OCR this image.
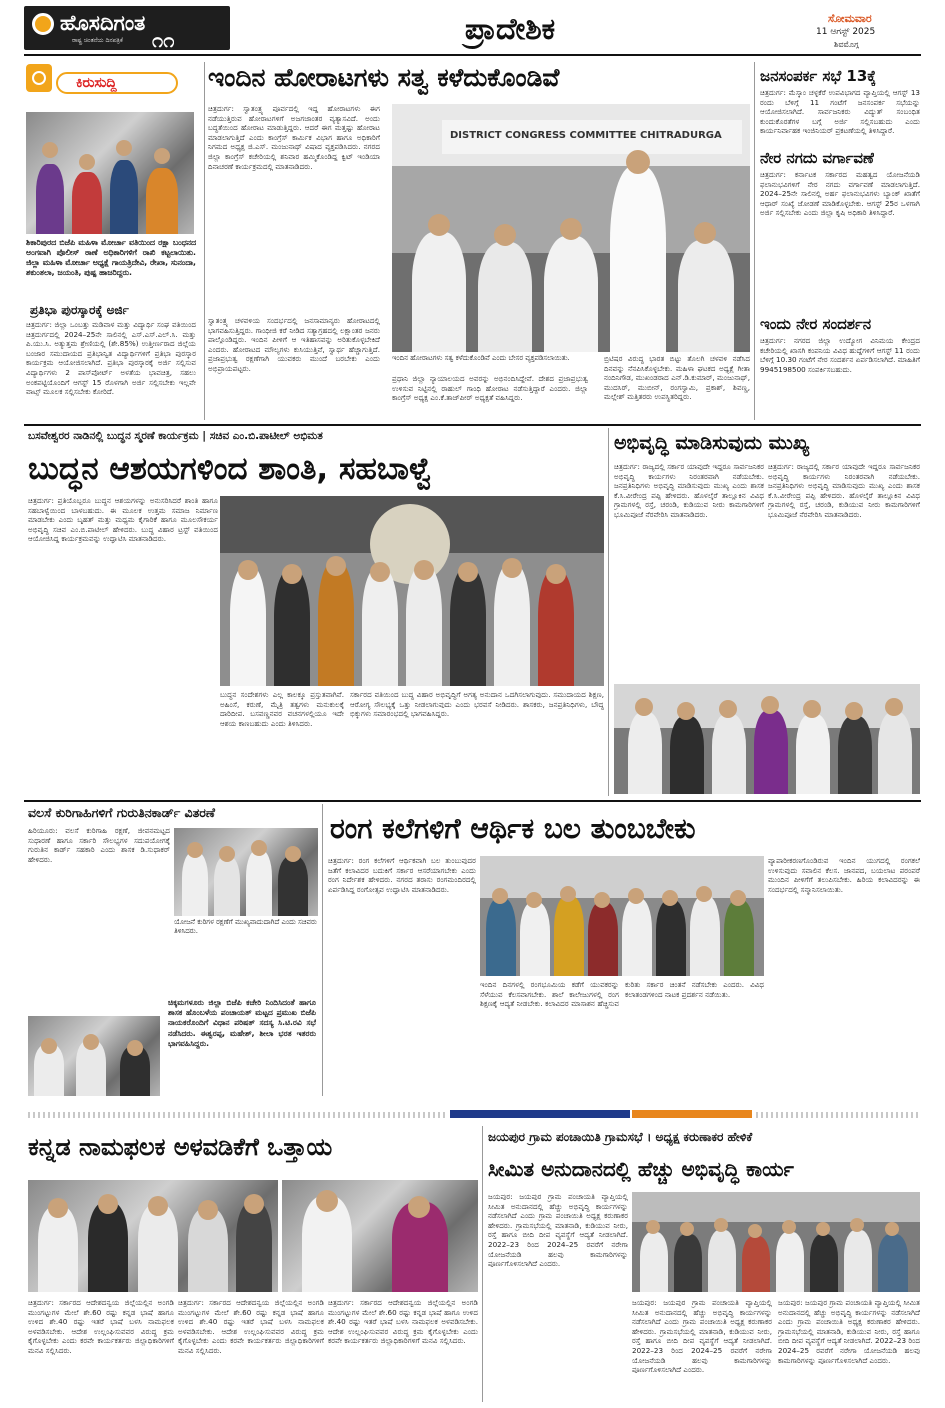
ಹೊಸದಿಗಂತ
ರಾಷ್ಟ್ರ ಚಿಂತನೆಯ ದಿನಪತ್ರಿಕೆ ೧೧	ಪ್ರಾದೇಶಿಕ	ಸೋಮವಾರ
11 ಆಗಸ್ಟ್ 2025
ಶಿವಮೊಗ್ಗ
ಕಿರುಸುದ್ದಿ
ಶಿಕಾರಿಪುರದ ಬಿಜೆಪಿ ಮಹಿಳಾ ಮೋರ್ಚಾ ವತಿಯಿಂದ ರಕ್ಷಾ ಬಂಧನದ ಅಂಗವಾಗಿ ಪೊಲೀಸ್ ಠಾಣೆ ಅಧಿಕಾರಿಗಳಿಗೆ ರಾಖಿ ಕಟ್ಟಲಾಯಿತು. ಜಿಲ್ಲಾ ಮಹಿಳಾ ಮೋರ್ಚಾ ಅಧ್ಯಕ್ಷೆ ಗಾಯತ್ರಿದೇವಿ, ರೇಖಾ, ಸುನಂದಾ, ಶಕುಂತಲಾ, ಜಯಂತಿ, ಪುಷ್ಪ ಹಾಜರಿದ್ದರು.
ಪ್ರತಿಭಾ ಪುರಸ್ಕಾರಕ್ಕೆ ಅರ್ಜಿ
ಚಿತ್ರದುರ್ಗ: ಜಿಲ್ಲಾ ಒಂಬತ್ತು ಮಡಿವಾಳ ಮತ್ತು ವಿದ್ಯಾರ್ಥಿ ಸಂಘ ವತಿಯಿಂದ ಚಿತ್ರದುರ್ಗದಲ್ಲಿ 2024–25ನೇ ಸಾಲಿನಲ್ಲಿ ಎಸ್.ಎಸ್.ಎಲ್.ಸಿ. ಮತ್ತು ಪಿ.ಯು.ಸಿ. ಅತ್ಯುತ್ತಮ ಶ್ರೇಣಿಯಲ್ಲಿ (ಶೇ.85%) ಉತ್ತೀರ್ಣರಾದ ಜಿಲ್ಲೆಯ ಬಂಜಾರ ಸಮುದಾಯದ ಪ್ರತಿಭಾನ್ವಿತ ವಿದ್ಯಾರ್ಥಿಗಳಿಗೆ ಪ್ರತಿಭಾ ಪುರಸ್ಕಾರ ಕಾರ್ಯಕ್ರಮ ಆಯೋಜಿಸಲಾಗಿದೆ. ಪ್ರತಿಭಾ ಪುರಸ್ಕಾರಕ್ಕೆ ಅರ್ಜಿ ಸಲ್ಲಿಸುವ ವಿದ್ಯಾರ್ಥಿಗಳು 2 ಪಾಸ್‌ಪೋರ್ಟ್ ಅಳತೆಯ ಭಾವಚಿತ್ರ, ಸಹಲು ಅಂಕಪಟ್ಟಿಯೊಂದಿಗೆ ಆಗಸ್ಟ್ 15 ರೊಳಗಾಗಿ ಅರ್ಜಿ ಸಲ್ಲಿಸಬೇಕು ಇಲ್ಲವೇ ವಾಟ್ಸ್ ಮೂಲಕ ಸಲ್ಲಿಸಬೇಕು ಕೋರಿದೆ.
ಇಂದಿನ ಹೋರಾಟಗಳು ಸತ್ವ ಕಳೆದುಕೊಂಡಿವೆ
ಚಿತ್ರದುರ್ಗ: ಸ್ವಾತಂತ್ರ್ಯ ಪೂರ್ವದಲ್ಲಿ ಇದ್ದ ಹೋರಾಟಗಳು ಈಗ ನಡೆಯುತ್ತಿರುವ ಹೋರಾಟಗಳಿಗೆ ಅಜಗಜಾಂತರ ವ್ಯತ್ಯಾಸವಿದೆ. ಅಂದು ಬದ್ಧತೆಯಿಂದ ಹೋರಾಟ ಮಾಡುತ್ತಿದ್ದರು. ಆದರೆ ಈಗ ಮತ್ತಷ್ಟು ಹೋರಾಟ ಮಾಡಲಾಗುತ್ತಿದೆ ಎಂದು ಕಾಂಗ್ರೆಸ್ ಕಾರ್ಮಿಕ ವಿಭಾಗ ಹಾಗೂ ಅಧಿಕಾರಿಗೆ ನಿಗಮದ ಅಧ್ಯಕ್ಷ ಜಿ.ಎಸ್. ಮಂಜುನಾಥ್ ವಿಷಾದ ವ್ಯಕ್ತಪಡಿಸಿದರು. ನಗರದ ಜಿಲ್ಲಾ ಕಾಂಗ್ರೆಸ್ ಕಚೇರಿಯಲ್ಲಿ ಶನಿವಾರ ಹಮ್ಮಿಕೊಂಡಿದ್ದ ಕ್ವಿಟ್ ಇಂಡಿಯಾ ದಿನಾಚರಣೆ ಕಾರ್ಯಕ್ರಮದಲ್ಲಿ ಮಾತನಾಡಿದರು.
ಸ್ವಾತಂತ್ರ್ಯ ಚಳವಳಿಯ ಸಂದರ್ಭದಲ್ಲಿ ಜನಸಾಮಾನ್ಯರು ಹೋರಾಟದಲ್ಲಿ ಭಾಗವಹಿಸುತ್ತಿದ್ದರು. ಗಾಂಧೀಜಿ ಕರೆ ನೀಡಿದ ಸತ್ಯಾಗ್ರಹದಲ್ಲಿ ಲಕ್ಷಾಂತರ ಜನರು ಪಾಲ್ಗೊಂಡಿದ್ದರು. ಇಂದಿನ ಪೀಳಿಗೆ ಆ ಇತಿಹಾಸವನ್ನು ಅರಿತುಕೊಳ್ಳಬೇಕಿದೆ ಎಂದರು. ಹೋರಾಟದ ಮೌಲ್ಯಗಳು ಕುಸಿಯುತ್ತಿವೆ, ಸ್ವಾರ್ಥ ಹೆಚ್ಚಾಗುತ್ತಿದೆ. ಪ್ರಜಾಪ್ರಭುತ್ವ ರಕ್ಷಣೆಗಾಗಿ ಯುವಕರು ಮುಂದೆ ಬರಬೇಕು ಎಂದು ಅಭಿಪ್ರಾಯಪಟ್ಟರು.
DISTRICT CONGRESS COMMITTEE CHITRADURGA
ಇಂದಿನ ಹೋರಾಟಗಳು ಸತ್ವ ಕಳೆದುಕೊಂಡಿವೆ ಎಂದು ಬೇಸರ ವ್ಯಕ್ತಪಡಿಸಲಾಯಿತು.
ಪ್ರಧಾನಿ ಜಿಲ್ಲಾ ನ್ಯಾಯಾಲಯದ ಅವರನ್ನು ಅಭಿನಂದಿಸಿದ್ದೇವೆ. ದೇಶದ ಪ್ರಜಾಪ್ರಭುತ್ವ ಉಳಿಸುವ ನಿಟ್ಟಿನಲ್ಲಿ ರಾಹುಲ್ ಗಾಂಧಿ ಹೋರಾಟ ನಡೆಸುತ್ತಿದ್ದಾರೆ ಎಂದರು. ಜಿಲ್ಲಾ ಕಾಂಗ್ರೆಸ್ ಅಧ್ಯಕ್ಷ ಎಂ.ಕೆ.ತಾಜ್‌ಪೀರ್ ಅಧ್ಯಕ್ಷತೆ ವಹಿಸಿದ್ದರು.
ಬ್ರಿಟಿಷರ ವಿರುದ್ಧ ಭಾರತ ಬಿಟ್ಟು ತೊಲಗಿ ಚಳವಳಿ ನಡೆಸಿದ ದಿನವನ್ನು ನೆನಪಿಸಿಕೊಳ್ಳಬೇಕು. ಮಹಿಳಾ ಘಟಕದ ಅಧ್ಯಕ್ಷೆ ಗೀತಾ ನಂದಿನಿಗೌಡ, ಮುಖಂಡರಾದ ಎನ್.ಡಿ.ಕುಮಾರ್, ಮಂಜುನಾಥ್, ಮುದಸಿರ್, ಮುಬೀನ್, ರಂಗಸ್ವಾಮಿ, ಪ್ರಕಾಶ್, ಶಿವಣ್ಣ, ಮಲ್ಲೇಶ್ ಮತ್ತಿತರರು ಉಪಸ್ಥಿತರಿದ್ದರು.
ಜನಸಂಪರ್ಕ ಸಭೆ 13ಕ್ಕೆ
ಚಿತ್ರದುರ್ಗ: ಮೆಸ್ಕಾಂ ಚಳ್ಳಕೆರೆ ಉಪವಿಭಾಗದ ವ್ಯಾಪ್ತಿಯಲ್ಲಿ ಆಗಸ್ಟ್ 13 ರಂದು ಬೆಳಿಗ್ಗೆ 11 ಗಂಟೆಗೆ ಜನಸಂಪರ್ಕ ಸಭೆಯನ್ನು ಆಯೋಜಿಸಲಾಗಿದೆ. ಸಾರ್ವಜನಿಕರು ವಿದ್ಯುತ್ ಸಂಬಂಧಿತ ಕುಂದುಕೊರತೆಗಳ ಬಗ್ಗೆ ಅರ್ಜಿ ಸಲ್ಲಿಸಬಹುದು ಎಂದು ಕಾರ್ಯನಿರ್ವಾಹಕ ಇಂಜಿನಿಯರ್ ಪ್ರಕಟಣೆಯಲ್ಲಿ ತಿಳಿಸಿದ್ದಾರೆ.
ನೇರ ನಗದು ವರ್ಗಾವಣೆ
ಚಿತ್ರದುರ್ಗ: ಕರ್ನಾಟಕ ಸರ್ಕಾರದ ಮಹತ್ವದ ಯೋಜನೆಯಡಿ ಫಲಾನುಭವಿಗಳಿಗೆ ನೇರ ನಗದು ವರ್ಗಾವಣೆ ಮಾಡಲಾಗುತ್ತಿದೆ. 2024–25ನೇ ಸಾಲಿನಲ್ಲಿ ಅರ್ಹ ಫಲಾನುಭವಿಗಳು ಬ್ಯಾಂಕ್ ಖಾತೆಗೆ ಆಧಾರ್ ಸಂಖ್ಯೆ ಜೋಡಣೆ ಮಾಡಿಕೊಳ್ಳಬೇಕು. ಆಗಸ್ಟ್ 25ರ ಒಳಗಾಗಿ ಅರ್ಜಿ ಸಲ್ಲಿಸಬೇಕು ಎಂದು ಜಿಲ್ಲಾ ಕೃಷಿ ಅಧಿಕಾರಿ ತಿಳಿಸಿದ್ದಾರೆ.
ಇಂದು ನೇರ ಸಂದರ್ಶನ
ಚಿತ್ರದುರ್ಗ: ನಗರದ ಜಿಲ್ಲಾ ಉದ್ಯೋಗ ವಿನಿಮಯ ಕೇಂದ್ರದ ಕಚೇರಿಯಲ್ಲಿ ಖಾಸಗಿ ಕಂಪನಿಯ ವಿವಿಧ ಹುದ್ದೆಗಳಿಗೆ ಆಗಸ್ಟ್ 11 ರಂದು ಬೆಳಿಗ್ಗೆ 10.30 ಗಂಟೆಗೆ ನೇರ ಸಂದರ್ಶನ ಏರ್ಪಡಿಸಲಾಗಿದೆ. ಮಾಹಿತಿಗೆ 9945198500 ಸಂಪರ್ಕಿಸಬಹುದು.
ಬಸವೇಶ್ವರರ ನಾಡಿನಲ್ಲಿ ಬುದ್ಧನ ಸ್ಮರಣೆ ಕಾರ್ಯಕ್ರಮ | ಸಚಿವ ಎಂ.ಬಿ.ಪಾಟೀಲ್ ಅಭಿಮತ
ಬುದ್ಧನ ಆಶಯಗಳಿಂದ ಶಾಂತಿ, ಸಹಬಾಳ್ವೆ
ಚಿತ್ರದುರ್ಗ: ಪ್ರತಿಯೊಬ್ಬರೂ ಬುದ್ಧನ ಆಶಯಗಳನ್ನು ಅನುಸರಿಸಿದರೆ ಶಾಂತಿ ಹಾಗೂ ಸಹಬಾಳ್ವೆಯಿಂದ ಬಾಳಬಹುದು. ಈ ಮೂಲಕ ಉತ್ತಮ ಸಮಾಜ ನಿರ್ಮಾಣ ಮಾಡಬೇಕು ಎಂದು ಬೃಹತ್ ಮತ್ತು ಮಧ್ಯಮ ಕೈಗಾರಿಕೆ ಹಾಗೂ ಮೂಲಸೌಕರ್ಯ ಅಭಿವೃದ್ಧಿ ಸಚಿವ ಎಂ.ಬಿ.ಪಾಟೀಲ್ ಹೇಳಿದರು. ಬುದ್ಧ ವಿಹಾರ ಟ್ರಸ್ಟ್ ವತಿಯಿಂದ ಆಯೋಜಿಸಿದ್ದ ಕಾರ್ಯಕ್ರಮವನ್ನು ಉದ್ಘಾಟಿಸಿ ಮಾತನಾಡಿದರು.
ಬುದ್ಧನ ಸಂದೇಶಗಳು ಎಲ್ಲ ಕಾಲಕ್ಕೂ ಪ್ರಸ್ತುತವಾಗಿವೆ. ಅಹಿಂಸೆ, ಕರುಣೆ, ಮೈತ್ರಿ ತತ್ವಗಳು ಮನುಕುಲಕ್ಕೆ ದಾರಿದೀಪ. ಬಸವಣ್ಣನವರ ವಚನಗಳಲ್ಲಿಯೂ ಇದೇ ಆಶಯ ಕಾಣಬಹುದು ಎಂದು ತಿಳಿಸಿದರು.
ಸರ್ಕಾರದ ವತಿಯಿಂದ ಬುದ್ಧ ವಿಹಾರ ಅಭಿವೃದ್ಧಿಗೆ ಅಗತ್ಯ ಅನುದಾನ ಒದಗಿಸಲಾಗುವುದು. ಸಮುದಾಯದ ಶಿಕ್ಷಣ, ಆರೋಗ್ಯ ಸೌಲಭ್ಯಕ್ಕೆ ಒತ್ತು ನೀಡಲಾಗುವುದು ಎಂದು ಭರವಸೆ ನೀಡಿದರು. ಶಾಸಕರು, ಜನಪ್ರತಿನಿಧಿಗಳು, ಬೌದ್ಧ ಭಿಕ್ಕುಗಳು ಸಮಾರಂಭದಲ್ಲಿ ಭಾಗವಹಿಸಿದ್ದರು.
ಅಭಿವೃದ್ಧಿ ಮಾಡಿಸುವುದು ಮುಖ್ಯ
ಚಿತ್ರದುರ್ಗ: ರಾಜ್ಯದಲ್ಲಿ ಸರ್ಕಾರ ಯಾವುದೇ ಇದ್ದರೂ ಸಾರ್ವಜನಿಕರ ಅಭಿವೃದ್ಧಿ ಕಾರ್ಯಗಳು ನಿರಂತರವಾಗಿ ನಡೆಯಬೇಕು. ಜನಪ್ರತಿನಿಧಿಗಳು ಅಭಿವೃದ್ಧಿ ಮಾಡಿಸುವುದು ಮುಖ್ಯ ಎಂದು ಶಾಸಕ ಕೆ.ಸಿ.ವೀರೇಂದ್ರ ಪಪ್ಪಿ ಹೇಳಿದರು. ಹೊಳಲ್ಕೆರೆ ತಾಲ್ಲೂಕಿನ ವಿವಿಧ ಗ್ರಾಮಗಳಲ್ಲಿ ರಸ್ತೆ, ಚರಂಡಿ, ಕುಡಿಯುವ ನೀರು ಕಾಮಗಾರಿಗಳಿಗೆ ಭೂಮಿಪೂಜೆ ನೆರವೇರಿಸಿ ಮಾತನಾಡಿದರು.
ಚಿತ್ರದುರ್ಗ: ರಾಜ್ಯದಲ್ಲಿ ಸರ್ಕಾರ ಯಾವುದೇ ಇದ್ದರೂ ಸಾರ್ವಜನಿಕರ ಅಭಿವೃದ್ಧಿ ಕಾರ್ಯಗಳು ನಿರಂತರವಾಗಿ ನಡೆಯಬೇಕು. ಜನಪ್ರತಿನಿಧಿಗಳು ಅಭಿವೃದ್ಧಿ ಮಾಡಿಸುವುದು ಮುಖ್ಯ ಎಂದು ಶಾಸಕ ಕೆ.ಸಿ.ವೀರೇಂದ್ರ ಪಪ್ಪಿ ಹೇಳಿದರು. ಹೊಳಲ್ಕೆರೆ ತಾಲ್ಲೂಕಿನ ವಿವಿಧ ಗ್ರಾಮಗಳಲ್ಲಿ ರಸ್ತೆ, ಚರಂಡಿ, ಕುಡಿಯುವ ನೀರು ಕಾಮಗಾರಿಗಳಿಗೆ ಭೂಮಿಪೂಜೆ ನೆರವೇರಿಸಿ ಮಾತನಾಡಿದರು.
ವಲಸೆ ಕುರಿಗಾಹಿಗಳಿಗೆ ಗುರುತಿನಕಾರ್ಡ್ ವಿತರಣೆ
ಹಿರಿಯೂರು: ವಲಸೆ ಕುರಿಗಾಹಿ ರಕ್ಷಣೆ, ಜೀವನಮಟ್ಟದ ಸುಧಾರಣೆ ಹಾಗೂ ಸರ್ಕಾರಿ ಸೌಲಭ್ಯಗಳ ಸದುಪಯೋಗಕ್ಕೆ ಗುರುತಿನ ಕಾರ್ಡ್ ಸಹಕಾರಿ ಎಂದು ಶಾಸಕ ಡಿ.ಸುಧಾಕರ್ ಹೇಳಿದರು.
ಯೋಜನೆ ಕುರಿಗಳ ರಕ್ಷಣೆಗೆ ಮುಖ್ಯವಾದುದಾಗಿದೆ ಎಂದು ಸಚಿವರು ತಿಳಿಸಿದರು.
ಚಿಕ್ಕಮಗಳೂರು ಜಿಲ್ಲಾ ಬಿಜೆಪಿ ಕಚೇರಿ ನಿಂದಿಸಿದಂತೆ ಹಾಗೂ ಶಾಸಕ ಹೊಂಬಳೆಯ ಪಂಚಾಯತ್ ಮಟ್ಟದ ಪ್ರಮುಖ ಬಿಜೆಪಿ ನಾಯಕರೊಂದಿಗೆ ವಿಧಾನ ಪರಿಷತ್ ಸದಸ್ಯ ಸಿ.ಟಿ.ರವಿ ಸಭೆ ನಡೆಸಿದರು. ಈಶ್ವರಪ್ಪ, ಮಹೇಶ್, ಶೀಲಾ ಭರತ ಇತರರು ಭಾಗವಹಿಸಿದ್ದರು.
ರಂಗ ಕಲೆಗಳಿಗೆ ಆರ್ಥಿಕ ಬಲ ತುಂಬಬೇಕು
ಚಿತ್ರದುರ್ಗ: ರಂಗ ಕಲೆಗಳಿಗೆ ಆರ್ಥಿಕವಾಗಿ ಬಲ ತುಂಬುವುದರ ಜತೆಗೆ ಕಲಾವಿದರ ಬದುಕಿಗೆ ಸರ್ಕಾರ ಆಸರೆಯಾಗಬೇಕು ಎಂದು ರಂಗ ನಿರ್ದೇಶಕ ಹೇಳಿದರು. ನಗರದ ತರಾಸು ರಂಗಮಂದಿರದಲ್ಲಿ ಏರ್ಪಡಿಸಿದ್ದ ರಂಗೋತ್ಸವ ಉದ್ಘಾಟಿಸಿ ಮಾತನಾಡಿದರು.
ಇಂದಿನ ದಿನಗಳಲ್ಲಿ ರಂಗಭೂಮಿಯ ಕಡೆಗೆ ಯುವಕರನ್ನು ಸೆಳೆಯುವ ಕೆಲಸವಾಗಬೇಕು. ಶಾಲೆ ಕಾಲೇಜುಗಳಲ್ಲಿ ರಂಗ ಶಿಕ್ಷಣಕ್ಕೆ ಆದ್ಯತೆ ನೀಡಬೇಕು. ಕಲಾವಿದರ ಮಾಸಾಶನ ಹೆಚ್ಚಿಸುವ ಕುರಿತು ಸರ್ಕಾರ ಚಿಂತನೆ ನಡೆಸಬೇಕು ಎಂದರು. ವಿವಿಧ ಕಲಾತಂಡಗಳಿಂದ ನಾಟಕ ಪ್ರದರ್ಶನ ನಡೆಯಿತು.
ವ್ಯಾಪಾರೀಕರಣಗೊಂಡಿರುವ ಇಂದಿನ ಯುಗದಲ್ಲಿ ರಂಗಕಲೆ ಉಳಿಸುವುದು ಸವಾಲಿನ ಕೆಲಸ. ಜಾನಪದ, ಬಯಲಾಟ ಪರಂಪರೆ ಮುಂದಿನ ಪೀಳಿಗೆಗೆ ತಲುಪಿಸಬೇಕು. ಹಿರಿಯ ಕಲಾವಿದರನ್ನು ಈ ಸಂದರ್ಭದಲ್ಲಿ ಸನ್ಮಾನಿಸಲಾಯಿತು.
ಕನ್ನಡ ನಾಮಫಲಕ ಅಳವಡಿಕೆಗೆ ಒತ್ತಾಯ
ಚಿತ್ರದುರ್ಗ: ಸರ್ಕಾರದ ಆದೇಶದನ್ವಯ ಜಿಲ್ಲೆಯಲ್ಲಿನ ಅಂಗಡಿ ಮುಂಗಟ್ಟುಗಳ ಮೇಲೆ ಶೇ.60 ರಷ್ಟು ಕನ್ನಡ ಭಾಷೆ ಹಾಗೂ ಉಳಿದ ಶೇ.40 ರಷ್ಟು ಇತರೆ ಭಾಷೆ ಬಳಸಿ ನಾಮಫಲಕ ಅಳವಡಿಸಬೇಕು. ಆದೇಶ ಉಲ್ಲಂಘಿಸುವವರ ವಿರುದ್ಧ ಕ್ರಮ ಕೈಗೊಳ್ಳಬೇಕು ಎಂದು ಕರವೇ ಕಾರ್ಯಕರ್ತರು ಜಿಲ್ಲಾಧಿಕಾರಿಗಳಿಗೆ ಮನವಿ ಸಲ್ಲಿಸಿದರು.
ಚಿತ್ರದುರ್ಗ: ಸರ್ಕಾರದ ಆದೇಶದನ್ವಯ ಜಿಲ್ಲೆಯಲ್ಲಿನ ಅಂಗಡಿ ಮುಂಗಟ್ಟುಗಳ ಮೇಲೆ ಶೇ.60 ರಷ್ಟು ಕನ್ನಡ ಭಾಷೆ ಹಾಗೂ ಉಳಿದ ಶೇ.40 ರಷ್ಟು ಇತರೆ ಭಾಷೆ ಬಳಸಿ ನಾಮಫಲಕ ಅಳವಡಿಸಬೇಕು. ಆದೇಶ ಉಲ್ಲಂಘಿಸುವವರ ವಿರುದ್ಧ ಕ್ರಮ ಕೈಗೊಳ್ಳಬೇಕು ಎಂದು ಕರವೇ ಕಾರ್ಯಕರ್ತರು ಜಿಲ್ಲಾಧಿಕಾರಿಗಳಿಗೆ ಮನವಿ ಸಲ್ಲಿಸಿದರು.
ಚಿತ್ರದುರ್ಗ: ಸರ್ಕಾರದ ಆದೇಶದನ್ವಯ ಜಿಲ್ಲೆಯಲ್ಲಿನ ಅಂಗಡಿ ಮುಂಗಟ್ಟುಗಳ ಮೇಲೆ ಶೇ.60 ರಷ್ಟು ಕನ್ನಡ ಭಾಷೆ ಹಾಗೂ ಉಳಿದ ಶೇ.40 ರಷ್ಟು ಇತರೆ ಭಾಷೆ ಬಳಸಿ ನಾಮಫಲಕ ಅಳವಡಿಸಬೇಕು. ಆದೇಶ ಉಲ್ಲಂಘಿಸುವವರ ವಿರುದ್ಧ ಕ್ರಮ ಕೈಗೊಳ್ಳಬೇಕು ಎಂದು ಕರವೇ ಕಾರ್ಯಕರ್ತರು ಜಿಲ್ಲಾಧಿಕಾರಿಗಳಿಗೆ ಮನವಿ ಸಲ್ಲಿಸಿದರು.
ಜಯಪುರ ಗ್ರಾಮ ಪಂಚಾಯಿತಿ ಗ್ರಾಮಸಭೆ । ಅಧ್ಯಕ್ಷ ಕರುಣಾಕರ ಹೇಳಿಕೆ
ಸೀಮಿತ ಅನುದಾನದಲ್ಲಿ ಹೆಚ್ಚು ಅಭಿವೃದ್ಧಿ ಕಾರ್ಯ
ಜಯಪುರ: ಜಯಪುರ ಗ್ರಾಮ ಪಂಚಾಯತಿ ವ್ಯಾಪ್ತಿಯಲ್ಲಿ ಸೀಮಿತ ಅನುದಾನದಲ್ಲಿ ಹೆಚ್ಚು ಅಭಿವೃದ್ಧಿ ಕಾರ್ಯಗಳನ್ನು ನಡೆಸಲಾಗಿದೆ ಎಂದು ಗ್ರಾಮ ಪಂಚಾಯಿತಿ ಅಧ್ಯಕ್ಷ ಕರುಣಾಕರ ಹೇಳಿದರು. ಗ್ರಾಮಸಭೆಯಲ್ಲಿ ಮಾತನಾಡಿ, ಕುಡಿಯುವ ನೀರು, ರಸ್ತೆ ಹಾಗೂ ಬೀದಿ ದೀಪ ವ್ಯವಸ್ಥೆಗೆ ಆದ್ಯತೆ ನೀಡಲಾಗಿದೆ. 2022–23 ರಿಂದ 2024–25 ರವರೆಗೆ ನರೇಗಾ ಯೋಜನೆಯಡಿ ಹಲವು ಕಾಮಗಾರಿಗಳನ್ನು ಪೂರ್ಣಗೊಳಿಸಲಾಗಿದೆ ಎಂದರು.
ಜಯಪುರ: ಜಯಪುರ ಗ್ರಾಮ ಪಂಚಾಯತಿ ವ್ಯಾಪ್ತಿಯಲ್ಲಿ ಸೀಮಿತ ಅನುದಾನದಲ್ಲಿ ಹೆಚ್ಚು ಅಭಿವೃದ್ಧಿ ಕಾರ್ಯಗಳನ್ನು ನಡೆಸಲಾಗಿದೆ ಎಂದು ಗ್ರಾಮ ಪಂಚಾಯಿತಿ ಅಧ್ಯಕ್ಷ ಕರುಣಾಕರ ಹೇಳಿದರು. ಗ್ರಾಮಸಭೆಯಲ್ಲಿ ಮಾತನಾಡಿ, ಕುಡಿಯುವ ನೀರು, ರಸ್ತೆ ಹಾಗೂ ಬೀದಿ ದೀಪ ವ್ಯವಸ್ಥೆಗೆ ಆದ್ಯತೆ ನೀಡಲಾಗಿದೆ. 2022–23 ರಿಂದ 2024–25 ರವರೆಗೆ ನರೇಗಾ ಯೋಜನೆಯಡಿ ಹಲವು ಕಾಮಗಾರಿಗಳನ್ನು ಪೂರ್ಣಗೊಳಿಸಲಾಗಿದೆ ಎಂದರು.
ಜಯಪುರ: ಜಯಪುರ ಗ್ರಾಮ ಪಂಚಾಯತಿ ವ್ಯಾಪ್ತಿಯಲ್ಲಿ ಸೀಮಿತ ಅನುದಾನದಲ್ಲಿ ಹೆಚ್ಚು ಅಭಿವೃದ್ಧಿ ಕಾರ್ಯಗಳನ್ನು ನಡೆಸಲಾಗಿದೆ ಎಂದು ಗ್ರಾಮ ಪಂಚಾಯಿತಿ ಅಧ್ಯಕ್ಷ ಕರುಣಾಕರ ಹೇಳಿದರು. ಗ್ರಾಮಸಭೆಯಲ್ಲಿ ಮಾತನಾಡಿ, ಕುಡಿಯುವ ನೀರು, ರಸ್ತೆ ಹಾಗೂ ಬೀದಿ ದೀಪ ವ್ಯವಸ್ಥೆಗೆ ಆದ್ಯತೆ ನೀಡಲಾಗಿದೆ. 2022–23 ರಿಂದ 2024–25 ರವರೆಗೆ ನರೇಗಾ ಯೋಜನೆಯಡಿ ಹಲವು ಕಾಮಗಾರಿಗಳನ್ನು ಪೂರ್ಣಗೊಳಿಸಲಾಗಿದೆ ಎಂದರು.
